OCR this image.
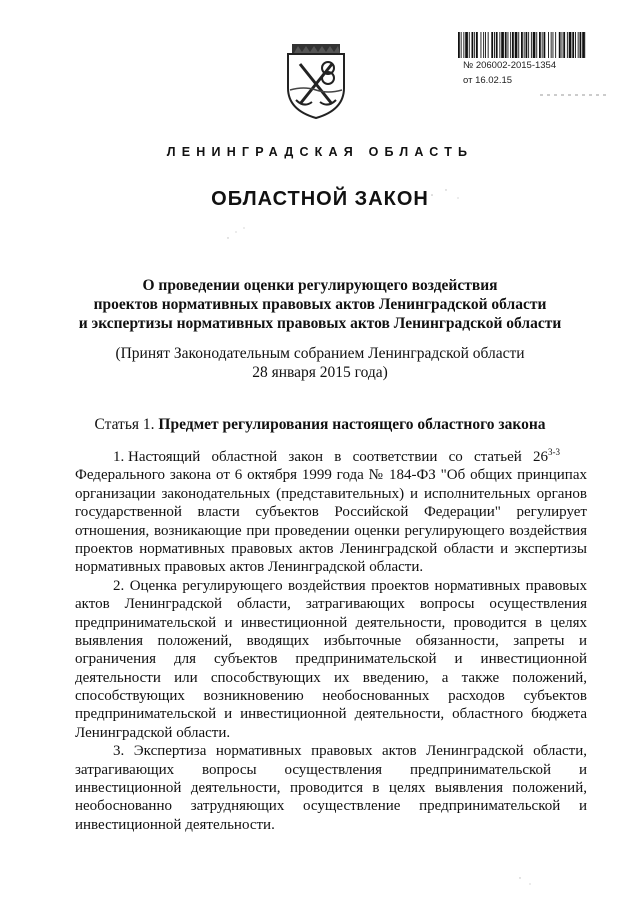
№ 206002-2015-1354
от 16.02.15
ЛЕНИНГРАДСКАЯ ОБЛАСТЬ
ОБЛАСТНОЙ ЗАКОН
О проведении оценки регулирующего воздействия
проектов нормативных правовых актов Ленинградской области
и экспертизы нормативных правовых актов Ленинградской области
(Принят Законодательным собранием Ленинградской области
28 января 2015 года)
Статья 1. Предмет регулирования настоящего областного закона
1. Настоящий   областной   закон   в   соответствии   со   статьей   26$^{3-3}$
Федерального закона от 6 октября 1999 года № 184-ФЗ "Об общих принципах
организации законодательных (представительных) и исполнительных органов
государственной власти субъектов Российской Федерации" регулирует
отношения, возникающие при проведении оценки регулирующего воздействия
проектов нормативных правовых актов Ленинградской области и экспертизы
нормативных правовых актов Ленинградской области.
2. Оценка регулирующего воздействия проектов нормативных правовых
актов Ленинградской области, затрагивающих вопросы осуществления
предпринимательской и инвестиционной деятельности, проводится в целях
выявления положений, вводящих избыточные обязанности, запреты и
ограничения для субъектов предпринимательской и инвестиционной
деятельности или способствующих их введению, а также положений,
способствующих возникновению необоснованных расходов субъектов
предпринимательской и инвестиционной деятельности, областного бюджета
Ленинградской области.
3. Экспертиза нормативных правовых актов Ленинградской области,
затрагивающих вопросы осуществления предпринимательской и
инвестиционной деятельности, проводится в целях выявления положений,
необоснованно затрудняющих осуществление предпринимательской и
инвестиционной деятельности.
